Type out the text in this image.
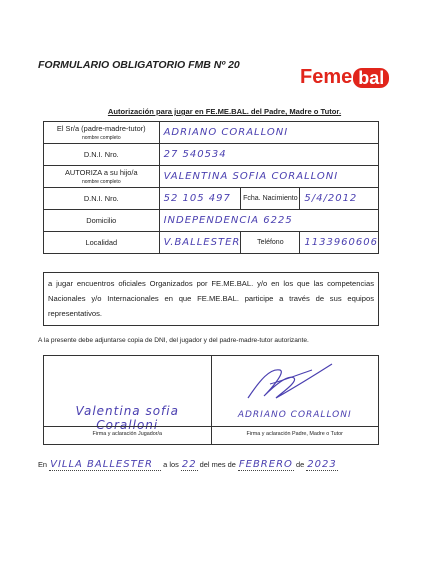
FORMULARIO OBLIGATORIO FMB Nº 20
Feme bal
Autorización para jugar en FE.ME.BAL. del Padre, Madre o Tutor.
El Sr/a (padre-madre-tutor)
nombre completo	ADRIANO CORALLONI		
D.N.I. Nro.	27 540534		
AUTORIZA a su hijo/a
nombre completo	VALENTINA SOFIA CORALLONI		
D.N.I. Nro.	52 105 497	Fcha. Nacimiento	5/4/2012
Domicilio	INDEPENDENCIA 6225		
Localidad	V.BALLESTER	Teléfono	1133960606
a jugar encuentros oficiales Organizados por FE.ME.BAL. y/o en los que las competencias Nacionales y/o Internacionales en que FE.ME.BAL. participe a través de sus equipos representativos.
A la presente debe adjuntarse copia de DNI, del jugador y del padre-madre-tutor autorizante.
Valentina sofia Coralloni
Firma y aclaración Jugador/a
ADRIANO CORALLONI
Firma y aclaración Padre, Madre o Tutor
En VILLA BALLESTER a los 22 del mes de FEBRERO de 2023
